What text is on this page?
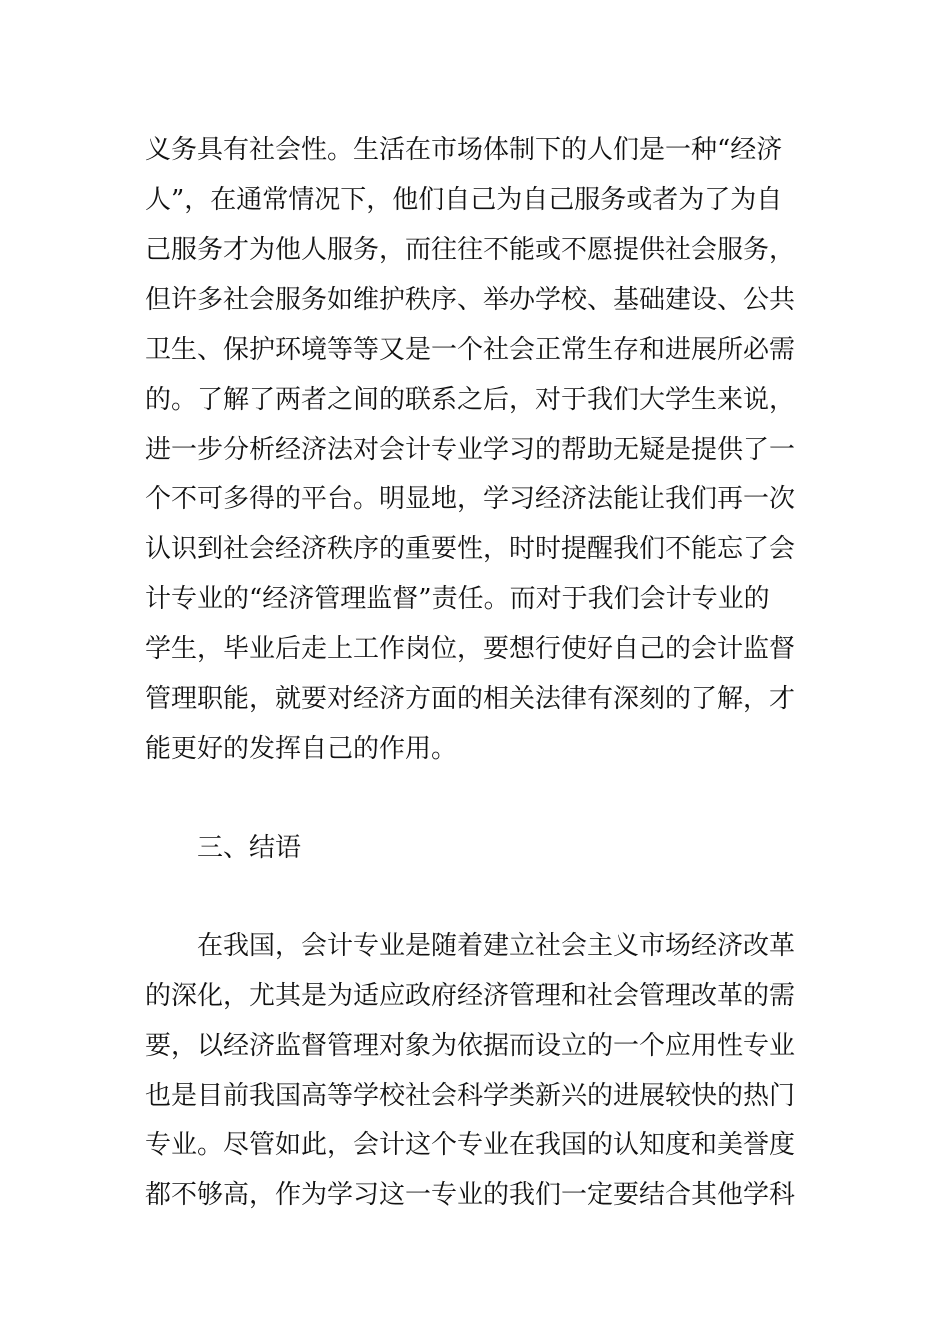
义务具有社会性。生活在市场体制下的人们是一种“经济
人”，在通常情况下，他们自己为自己服务或者为了为自
己服务才为他人服务，而往往不能或不愿提供社会服务，
但许多社会服务如维护秩序、举办学校、基础建设、公共
卫生、保护环境等等又是一个社会正常生存和进展所必需
的。了解了两者之间的联系之后，对于我们大学生来说，
进一步分析经济法对会计专业学习的帮助无疑是提供了一
个不可多得的平台。明显地，学习经济法能让我们再一次
认识到社会经济秩序的重要性，时时提醒我们不能忘了会
计专业的“经济管理监督”责任。而对于我们会计专业的
学生，毕业后走上工作岗位，要想行使好自己的会计监督
管理职能，就要对经济方面的相关法律有深刻的了解，才
能更好的发挥自己的作用。
三、结语
在我国，会计专业是随着建立社会主义市场经济改革
的深化，尤其是为适应政府经济管理和社会管理改革的需
要，以经济监督管理对象为依据而设立的一个应用性专业
也是目前我国高等学校社会科学类新兴的进展较快的热门
专业。尽管如此，会计这个专业在我国的认知度和美誉度
都不够高，作为学习这一专业的我们一定要结合其他学科
